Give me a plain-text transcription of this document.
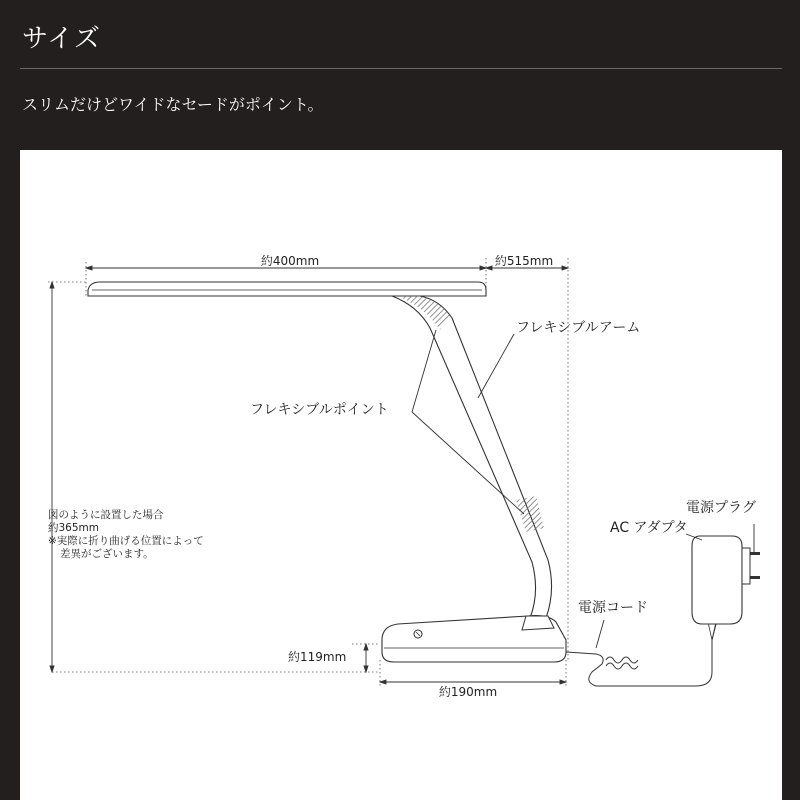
サイズ
スリムだけどワイドなセードがポイント。
約400mm	約515mm
フレキシブルアーム
フレキシブルポイント
図のように設置した場合
約365mm
※実際に折り曲げる位置によって
差異がございます。
約119mm
約190mm
電源プラグ
AC アダプタ
電源コード
